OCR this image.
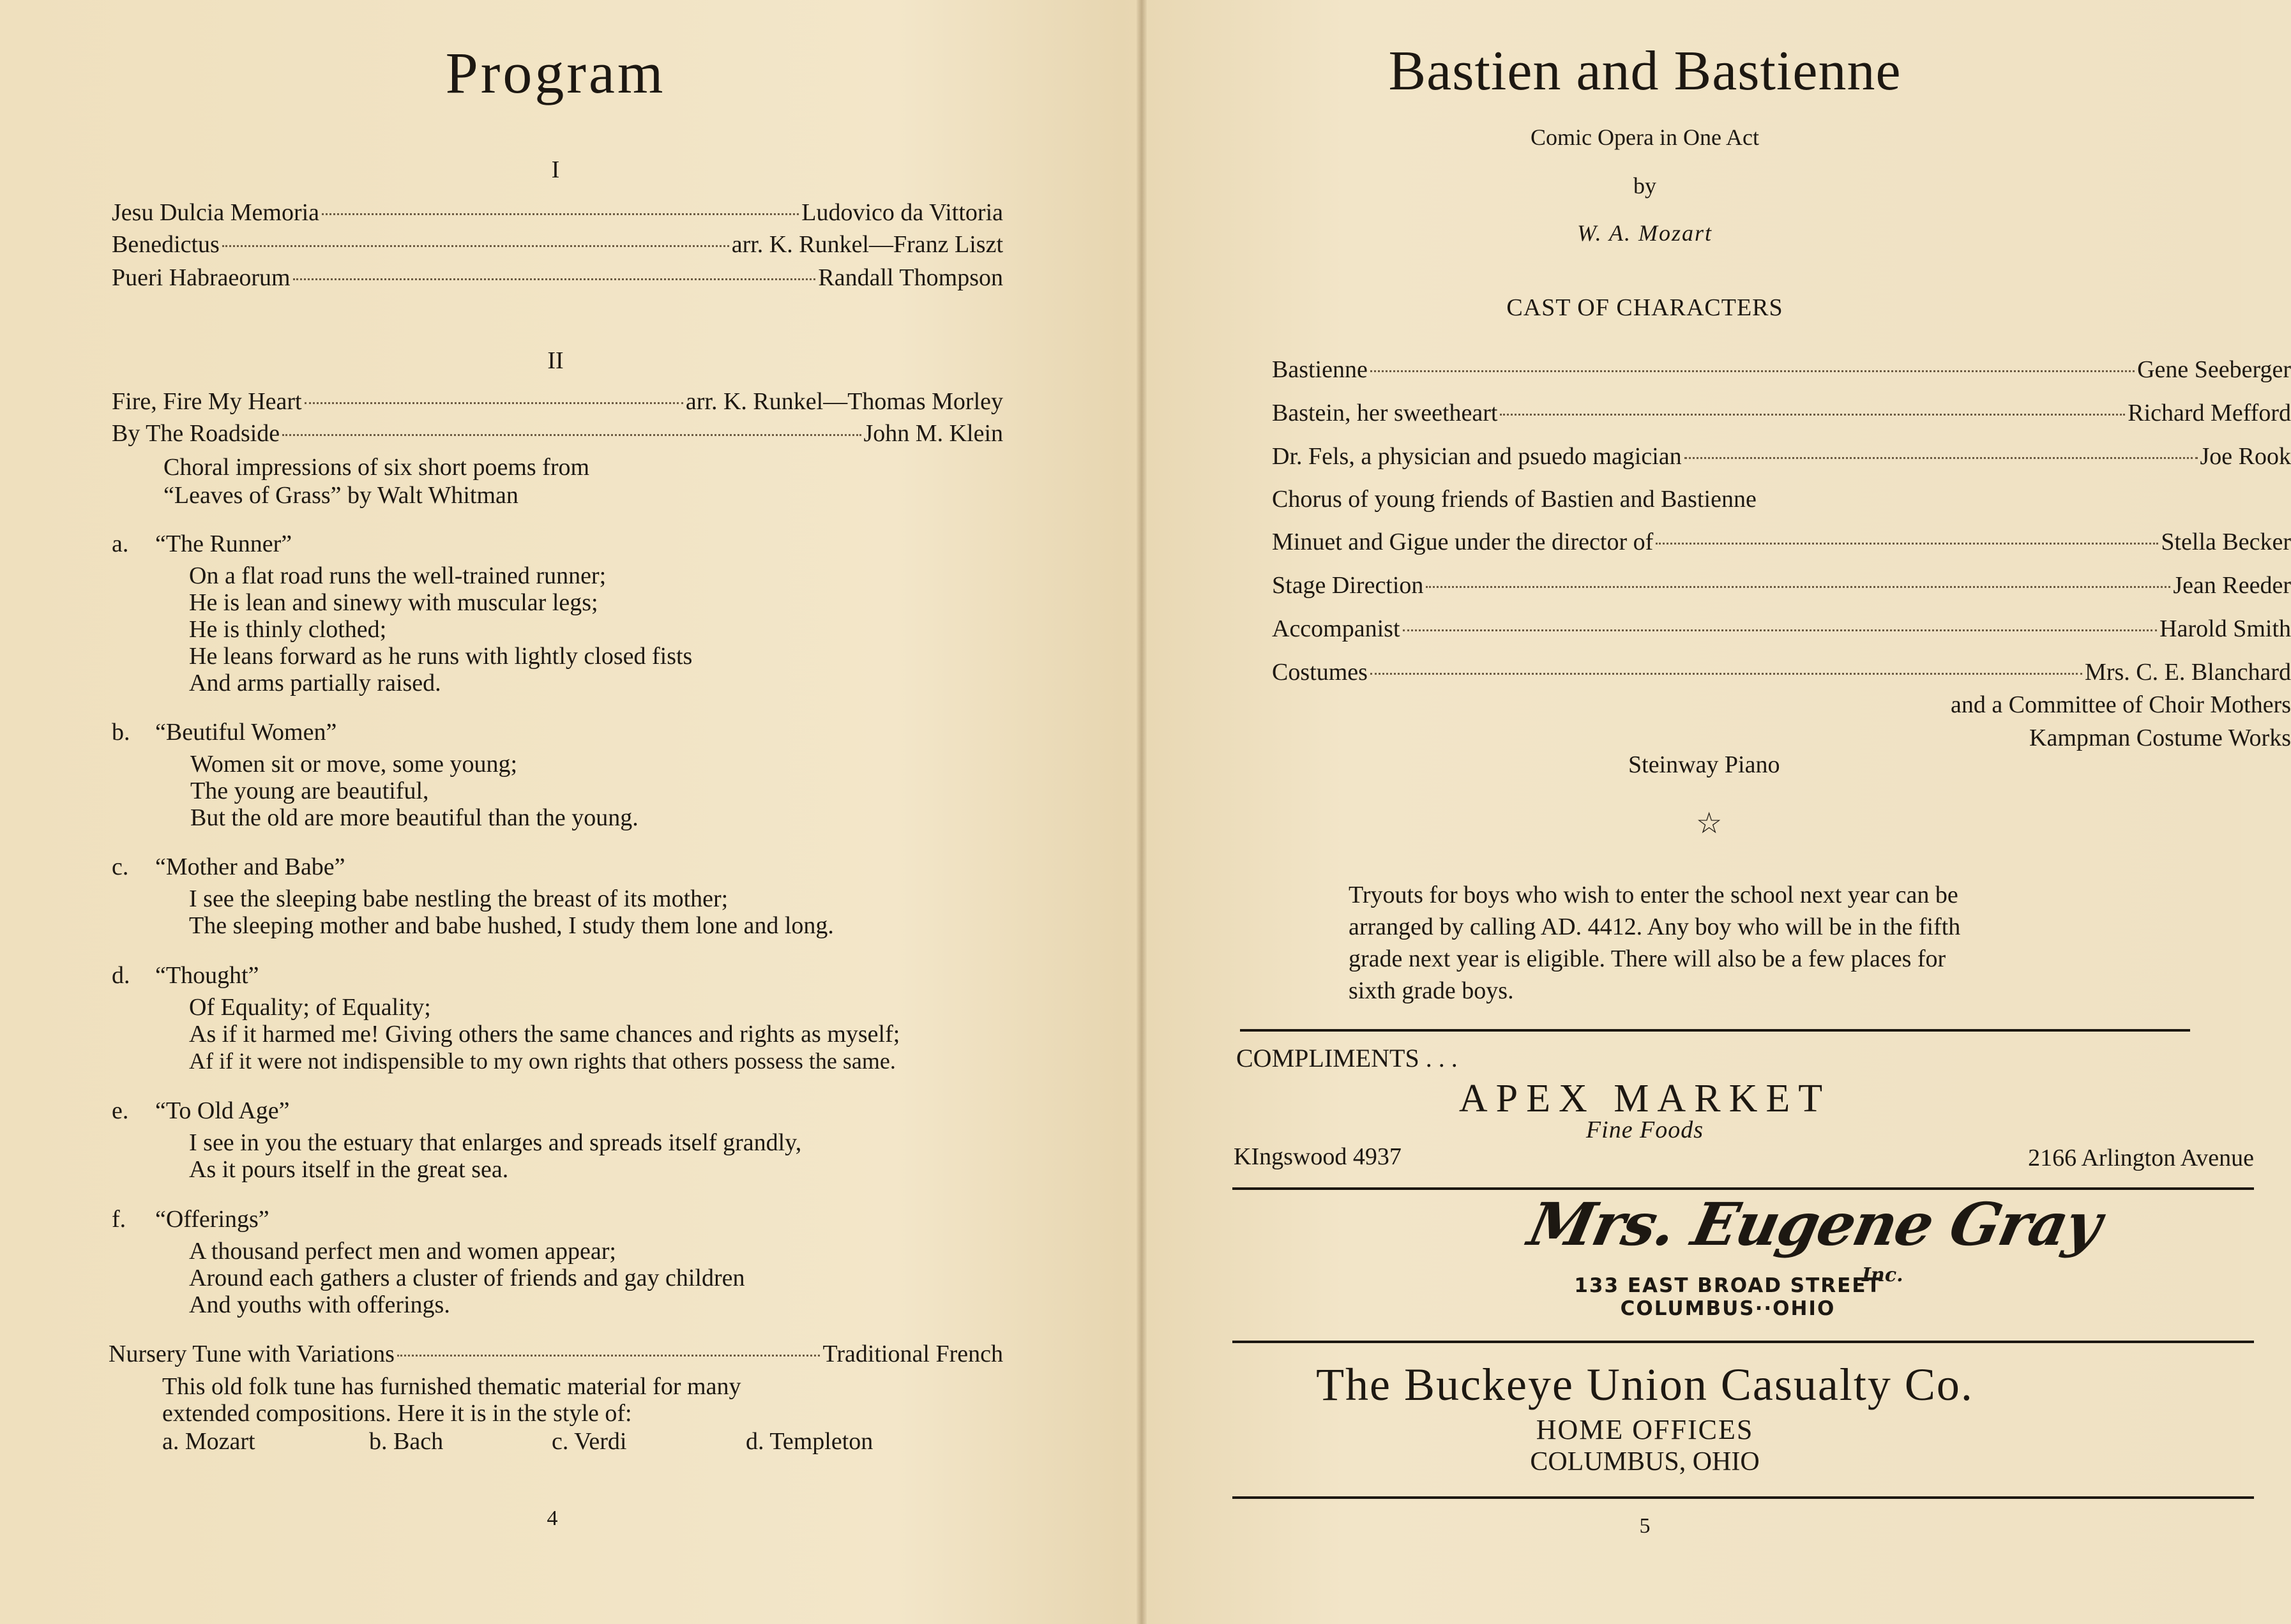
Program
I
Jesu Dulcia Memoria	Ludovico da Vittoria
Benedictus	arr. K. Runkel—Franz Liszt
Pueri Habraeorum	Randall Thompson
II
Fire, Fire My Heart	arr. K. Runkel—Thomas Morley
By The Roadside	John M. Klein
Choral impressions of six short poems from
“Leaves of Grass” by Walt Whitman
a. “The Runner”
On a flat road runs the well-trained runner;
He is lean and sinewy with muscular legs;
He is thinly clothed;
He leans forward as he runs with lightly closed fists
And arms partially raised.
b. “Beutiful Women”
Women sit or move, some young;
The young are beautiful,
But the old are more beautiful than the young.
c. “Mother and Babe”
I see the sleeping babe nestling the breast of its mother;
The sleeping mother and babe hushed, I study them lone and long.
d. “Thought”
Of Equality; of Equality;
As if it harmed me! Giving others the same chances and rights as myself;
Af if it were not indispensible to my own rights that others possess the same.
e. “To Old Age”
I see in you the estuary that enlarges and spreads itself grandly,
As it pours itself in the great sea.
f. “Offerings”
A thousand perfect men and women appear;
Around each gathers a cluster of friends and gay children
And youths with offerings.
Nursery Tune with Variations	Traditional French
This old folk tune has furnished thematic material for many
extended compositions. Here it is in the style of:
a. Mozart	b. Bach	c. Verdi	d. Templeton
4
Bastien and Bastienne
Comic Opera in One Act
by
W. A. Mozart
CAST OF CHARACTERS
Bastienne	Gene Seeberger
Bastein, her sweetheart	Richard Mefford
Dr. Fels, a physician and psuedo magician	Joe Rook
Chorus of young friends of Bastien and Bastienne
Minuet and Gigue under the director of	Stella Becker
Stage Direction	Jean Reeder
Accompanist	Harold Smith
Costumes	Mrs. C. E. Blanchard
and a Committee of Choir Mothers
Kampman Costume Works
Steinway Piano
☆
Tryouts for boys who wish to enter the school next year can be
arranged by calling AD. 4412. Any boy who will be in the fifth
grade next year is eligible. There will also be a few places for
sixth grade boys.
COMPLIMENTS . . .
APEX MARKET
Fine Foods
KIngswood 4937	2166 Arlington Avenue
Mrs. Eugene Gray
Inc.
133 EAST BROAD STREET
COLUMBUS··OHIO
The Buckeye Union Casualty Co.
HOME OFFICES
COLUMBUS, OHIO
5
